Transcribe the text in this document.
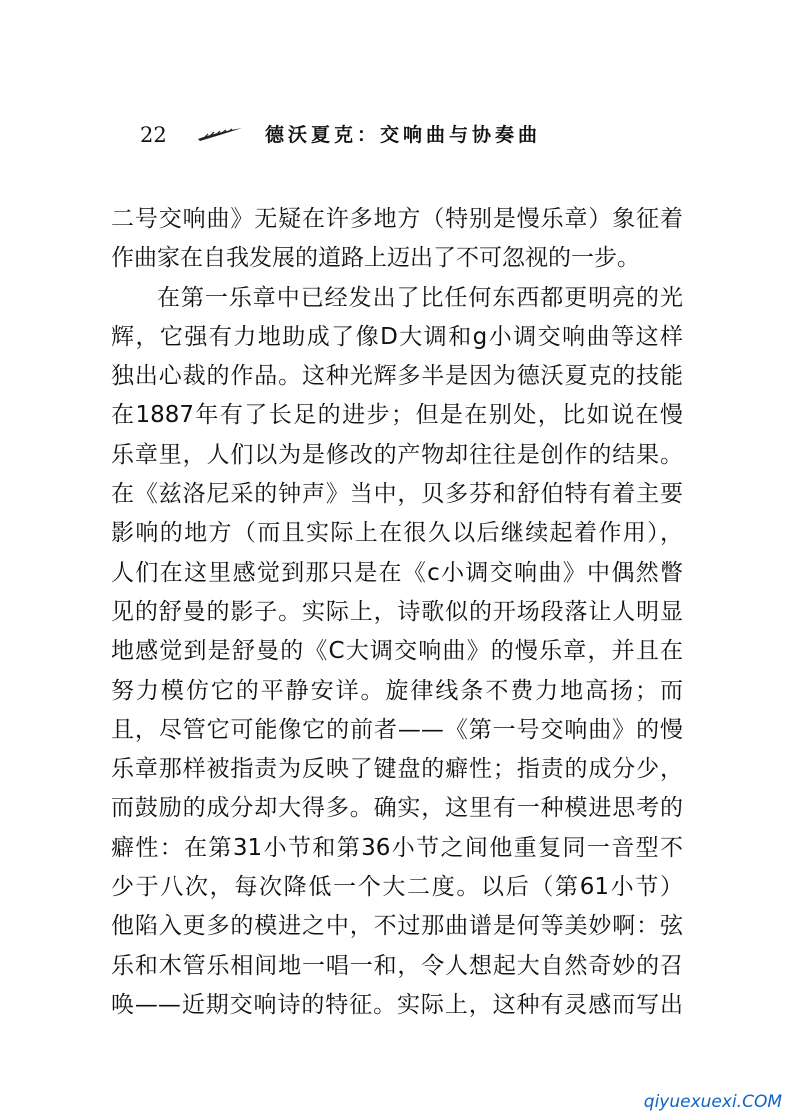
22	德沃夏克：交响曲与协奏曲
二号交响曲》无疑在许多地方（特别是慢乐章）象征着
作曲家在自我发展的道路上迈出了不可忽视的一步。
在第一乐章中已经发出了比任何东西都更明亮的光
辉，它强有力地助成了像D大调和g小调交响曲等这样
独出心裁的作品。这种光辉多半是因为德沃夏克的技能
在1887年有了长足的进步；但是在别处，比如说在慢
乐章里，人们以为是修改的产物却往往是创作的结果。
在《兹洛尼采的钟声》当中，贝多芬和舒伯特有着主要
影响的地方（而且实际上在很久以后继续起着作用），
人们在这里感觉到那只是在《c小调交响曲》中偶然瞥
见的舒曼的影子。实际上，诗歌似的开场段落让人明显
地感觉到是舒曼的《C大调交响曲》的慢乐章，并且在
努力模仿它的平静安详。旋律线条不费力地高扬；而
且，尽管它可能像它的前者——《第一号交响曲》的慢
乐章那样被指责为反映了键盘的癖性；指责的成分少，
而鼓励的成分却大得多。确实，这里有一种模进思考的
癖性：在第31小节和第36小节之间他重复同一音型不
少于八次，每次降低一个大二度。以后（第61小节）
他陷入更多的模进之中，不过那曲谱是何等美妙啊：弦
乐和木管乐相间地一唱一和，令人想起大自然奇妙的召
唤——近期交响诗的特征。实际上，这种有灵感而写出
qiyuexuexi.COM
